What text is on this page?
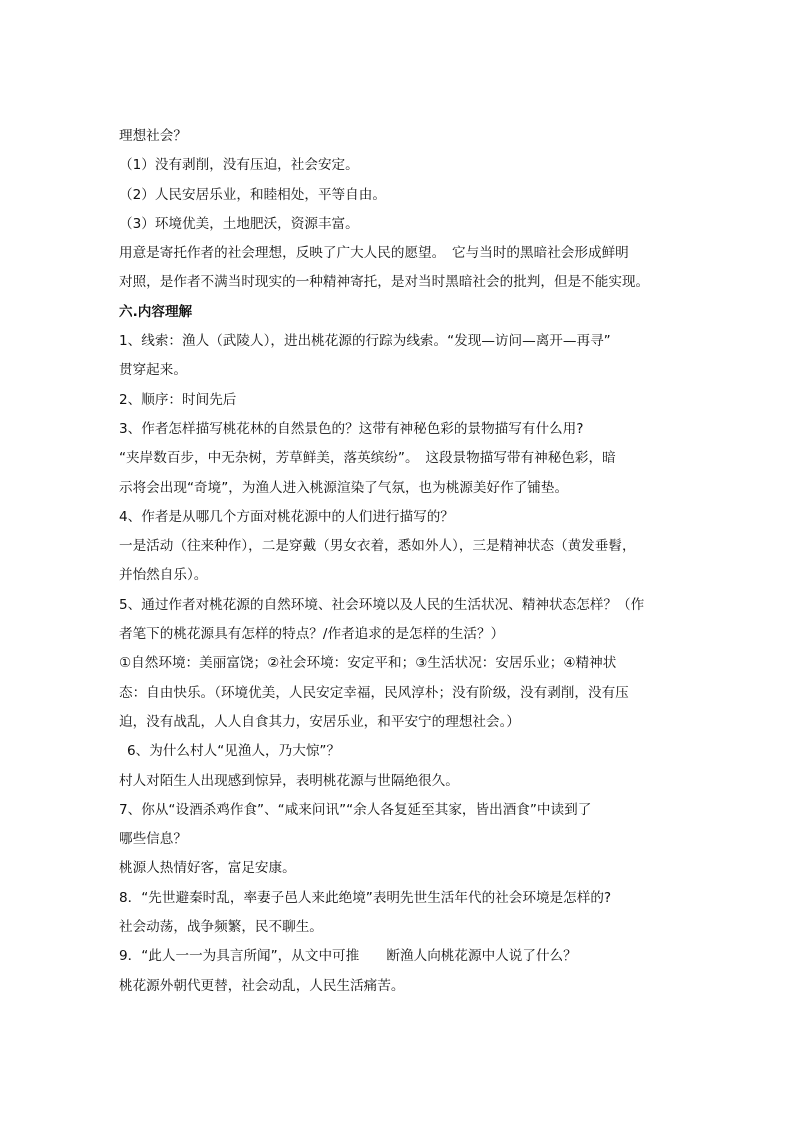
理想社会？
（1）没有剥削，没有压迫，社会安定。
（2）人民安居乐业，和睦相处，平等自由。
（3）环境优美，土地肥沃，资源丰富。
用意是寄托作者的社会理想，反映了广大人民的愿望。　它与当时的黑暗社会形成鲜明
对照，是作者不满当时现实的一种精神寄托，是对当时黑暗社会的批判，但是不能实现。
六.内容理解
1、线索：渔人（武陵人），进出桃花源的行踪为线索。“发现—访问—离开—再寻”
贯穿起来。
2、顺序：时间先后
3、作者怎样描写桃花林的自然景色的？这带有神秘色彩的景物描写有什么用?
“夹岸数百步，中无杂树，芳草鲜美，落英缤纷”。　这段景物描写带有神秘色彩，暗
示将会出现“奇境”，为渔人进入桃源渲染了气氛，也为桃源美好作了铺垫。
4、作者是从哪几个方面对桃花源中的人们进行描写的？
一是活动（往来种作），二是穿戴（男女衣着，悉如外人），三是精神状态（黄发垂髫，
并怡然自乐）。
5、通过作者对桃花源的自然环境、社会环境以及人民的生活状况、精神状态怎样？（作
者笔下的桃花源具有怎样的特点？/作者追求的是怎样的生活？）
①自然环境：美丽富饶；②社会环境：安定平和；③生活状况：安居乐业；④精神状
态：自由快乐。（环境优美，人民安定幸福，民风淳朴；没有阶级，没有剥削，没有压
迫，没有战乱，人人自食其力，安居乐业，和平安宁的理想社会。）
6、为什么村人“见渔人，乃大惊”？
村人对陌生人出现感到惊异，表明桃花源与世隔绝很久。
7、你从“设酒杀鸡作食”、“咸来问讯”“余人各复延至其家，皆出酒食”中读到了
哪些信息？
桃源人热情好客，富足安康。
8．“先世避秦时乱，率妻子邑人来此绝境”表明先世生活年代的社会环境是怎样的?
社会动荡，战争频繁，民不聊生。
9．“此人一一为具言所闻”，从文中可推　　断渔人向桃花源中人说了什么？
桃花源外朝代更替，社会动乱，人民生活痛苦。
